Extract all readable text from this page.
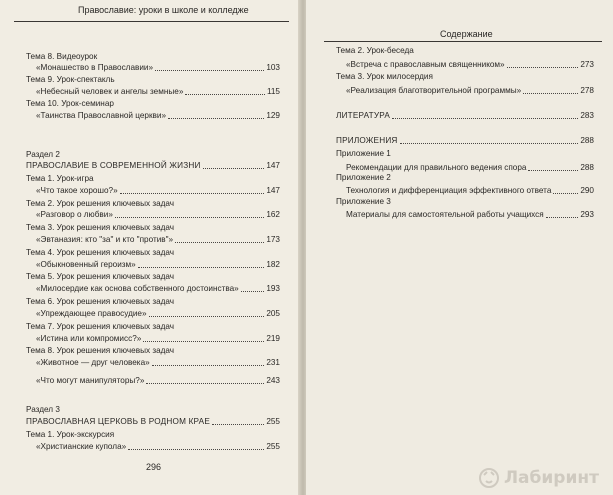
Православие: уроки в школе и колледже
Тема 8. Видеоурок
«Монашество в Православии»	103
Тема 9. Урок-спектакль
«Небесный человек и ангелы земные»	115
Тема 10. Урок-семинар
«Таинства Православной церкви»	129
Раздел 2
ПРАВОСЛАВИЕ В СОВРЕМЕННОЙ ЖИЗНИ	147
Тема 1. Урок-игра
«Что такое хорошо?»	147
Тема 2. Урок решения ключевых задач
«Разговор о любви»	162
Тема 3. Урок решения ключевых задач
«Эвтаназия: кто "за" и кто "против"»	173
Тема 4. Урок решения ключевых задач
«Обыкновенный героизм»	182
Тема 5. Урок решения ключевых задач
«Милосердие как основа собственного достоинства»	193
Тема 6. Урок решения ключевых задач
«Упреждающее правосудие»	205
Тема 7. Урок решения ключевых задач
«Истина или компромисс?»	219
Тема 8. Урок решения ключевых задач
«Животное — друг человека»	231
«Что могут манипуляторы?»	243
Раздел 3
ПРАВОСЛАВНАЯ ЦЕРКОВЬ В РОДНОМ КРАЕ	255
Тема 1. Урок-экскурсия
«Христианские купола»	255
296
Содержание
Тема 2. Урок-беседа
«Встреча с православным священником»	273
Тема 3. Урок милосердия
«Реализация благотворительной программы»	278
ЛИТЕРАТУРА	283
ПРИЛОЖЕНИЯ	288
Приложение 1
Рекомендации для правильного ведения спора	288
Приложение 2
Технология и дифференциация эффективного ответа	290
Приложение 3
Материалы для самостоятельной работы учащихся	293
Лабиринт
